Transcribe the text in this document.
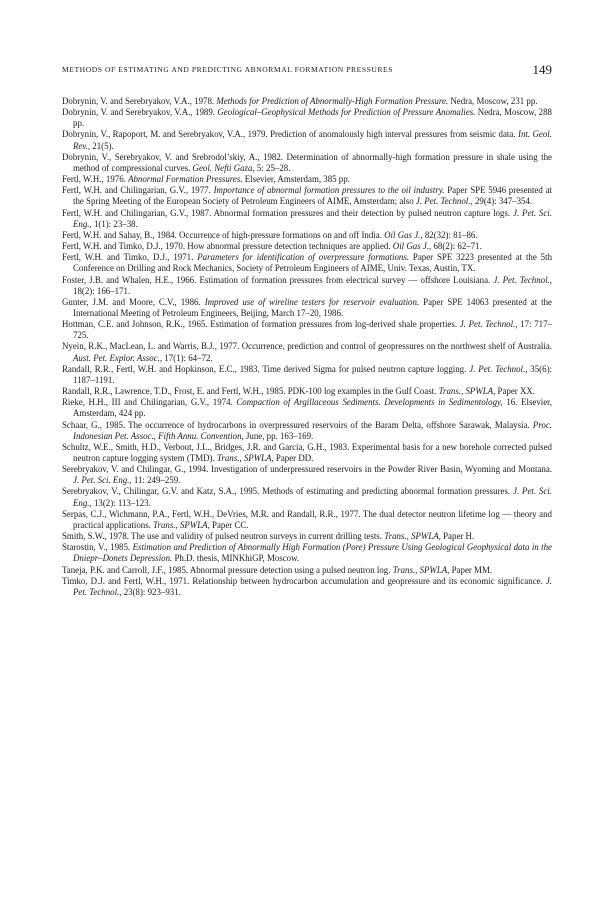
METHODS OF ESTIMATING AND PREDICTING ABNORMAL FORMATION PRESSURES	149
Dobrynin, V. and Serebryakov, V.A., 1978. Methods for Prediction of Abnormally-High Formation Pressure. Nedra, Moscow, 231 pp.
Dobrynin, V. and Serebryakov, V.A., 1989. Geological–Geophysical Methods for Prediction of Pressure Anomalies. Nedra, Moscow, 288 pp.
Dobrynin, V., Rapoport, M. and Serebryakov, V.A., 1979. Prediction of anomalously high interval pressures from seismic data. Int. Geol. Rev., 21(5).
Dobrynin, V., Serebryakov, V. and Srebrodol’skiy, A., 1982. Determination of abnormally-high formation pressure in shale using the method of compressional curves. Geol. Nefti Gaza, 5: 25–28.
Fertl, W.H., 1976. Abnormal Formation Pressures. Elsevier, Amsterdam, 385 pp.
Fertl, W.H. and Chilingarian, G.V., 1977. Importance of abnormal formation pressures to the oil industry. Paper SPE 5946 presented at the Spring Meeting of the European Society of Petroleum Engineers of AIME, Amsterdam; also J. Pet. Technol., 29(4): 347–354.
Fertl, W.H. and Chilingarian, G.V., 1987. Abnormal formation pressures and their detection by pulsed neutron capture logs. J. Pet. Sci. Eng., 1(1): 23–38.
Fertl, W.H. and Sahay, B., 1984. Occurrence of high-pressure formations on and off India. Oil Gas J., 82(32): 81–86.
Fertl, W.H. and Timko, D.J., 1970. How abnormal pressure detection techniques are applied. Oil Gas J., 68(2): 62–71.
Fertl, W.H. and Timko, D.J., 1971. Parameters for identification of overpressure formations. Paper SPE 3223 presented at the 5th Conference on Drilling and Rock Mechanics, Society of Petroleum Engineers of AIME, Univ. Texas, Austin, TX.
Foster, J.B. and Whalen, H.E., 1966. Estimation of formation pressures from electrical survey — offshore Louisiana. J. Pet. Technol., 18(2): 166–171.
Gunter, J.M. and Moore, C.V., 1986. Improved use of wireline testers for reservoir evaluation. Paper SPE 14063 presented at the International Meeting of Petroleum Engineers, Beijing, March 17–20, 1986.
Hottman, C.E. and Johnson, R.K., 1965. Estimation of formation pressures from log-derived shale properties. J. Pet. Technol., 17: 717–725.
Nyein, R.K., MacLean, L. and Warris, B.J., 1977. Occurrence, prediction and control of geopressures on the northwest shelf of Australia. Aust. Pet. Explor. Assoc., 17(1): 64–72.
Randall, R.R., Fertl, W.H. and Hopkinson, E.C., 1983. Time derived Sigma for pulsed neutron capture logging. J. Pet. Technol., 35(6): 1187–1191.
Randall, R.R., Lawrence, T.D., Frost, E. and Fertl, W.H., 1985. PDK-100 log examples in the Gulf Coast. Trans., SPWLA, Paper XX.
Rieke, H.H., III and Chilingarian, G.V., 1974. Compaction of Argillaceous Sediments. Developments in Sedimentology, 16. Elsevier, Amsterdam, 424 pp.
Schaar, G., 1985. The occurrence of hydrocarbons in overpressured reservoirs of the Baram Delta, offshore Sarawak, Malaysia. Proc. Indonesian Pet. Assoc., Fifth Annu. Convention, June, pp. 163–169.
Schultz, W.E., Smith, H.D., Verbout, J.L., Bridges, J.R. and Garcia, G.H., 1983. Experimental basis for a new borehole corrected pulsed neutron capture logging system (TMD). Trans., SPWLA, Paper DD.
Serebryakov, V. and Chilingar, G., 1994. Investigation of underpressured reservoirs in the Powder River Basin, Wyoming and Montana. J. Pet. Sci. Eng., 11: 249–259.
Serebryakov, V., Chilingar, G.V. and Katz, S.A., 1995. Methods of estimating and predicting abnormal formation pressures. J. Pet. Sci. Eng., 13(2): 113–123.
Serpas, C.J., Wichmann, P.A., Fertl, W.H., DeVries, M.R. and Randall, R.R., 1977. The dual detector neutron lifetime log — theory and practical applications. Trans., SPWLA, Paper CC.
Smith, S.W., 1978. The use and validity of pulsed neutron surveys in current drilling tests. Trans., SPWLA, Paper H.
Starostin, V., 1985. Estimation and Prediction of Abnormally High Formation (Pore) Pressure Using Geological Geophysical data in the Dniepr–Donets Depression. Ph.D. thesis, MINKhiGP, Moscow.
Taneja, P.K. and Carroll, J.F., 1985. Abnormal pressure detection using a pulsed neutron log. Trans., SPWLA, Paper MM.
Timko, D.J. and Fertl, W.H., 1971. Relationship between hydrocarbon accumulation and geopressure and its economic significance. J. Pet. Technol., 23(8): 923–931.
